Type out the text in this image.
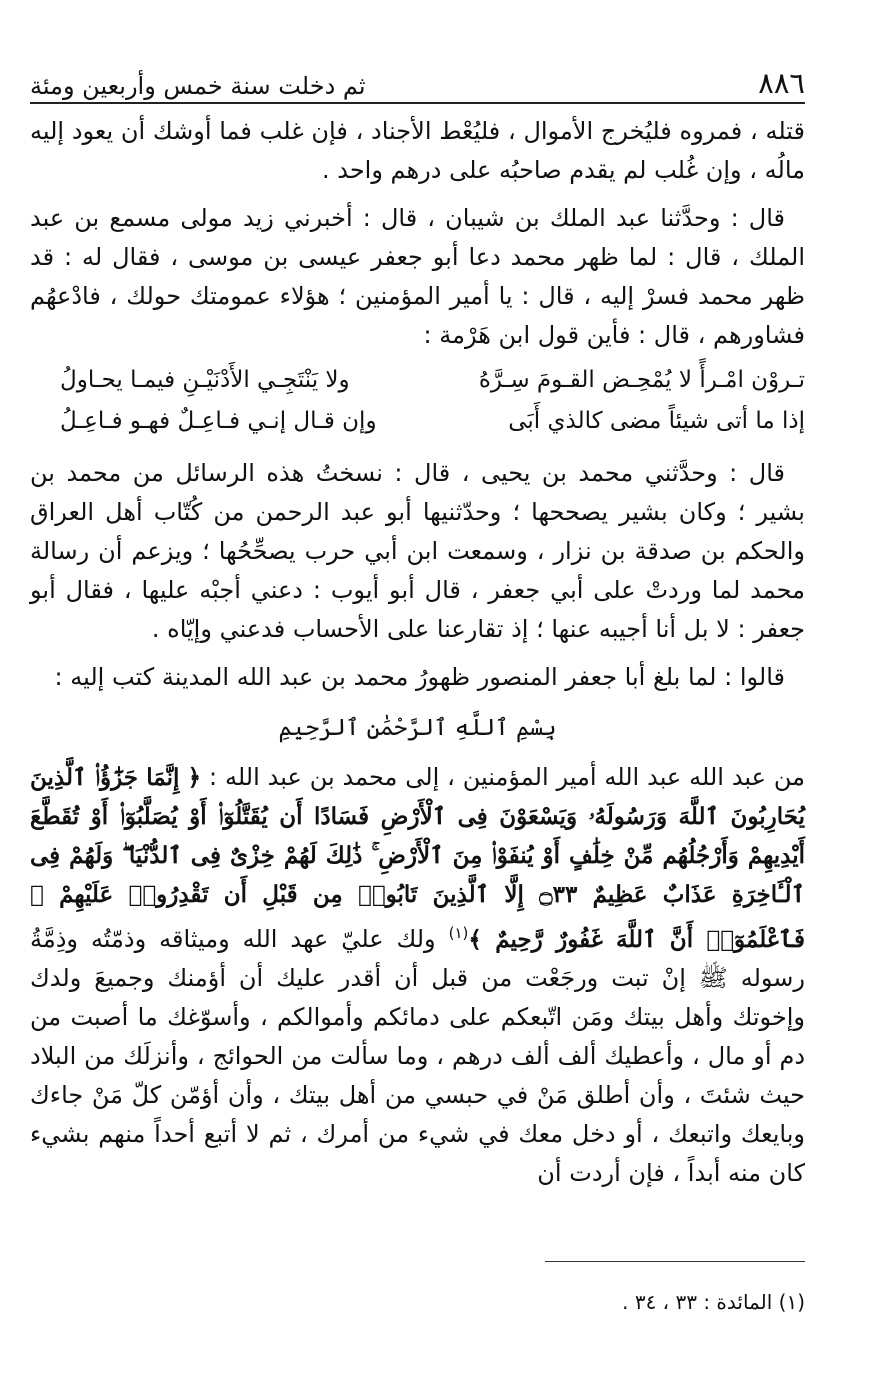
٨٨٦
ثم دخلت سنة خمس وأربعين ومئة

قتله ، فمروه فليُخرج الأموال ، فليُعْط الأجناد ، فإن غلب فما أوشك أن يعود إليه مالُه ، وإن غُلب لم يقدم صاحبُه على درهم واحد .

قال : وحدَّثنا عبد الملك بن شيبان ، قال : أخبرني زيد مولى مسمع بن عبد الملك ، قال : لما ظهر محمد دعا أبو جعفر عيسى بن موسى ، فقال له : قد ظهر محمد فسرْ إليه ، قال : يا أمير المؤمنين ؛ هؤلاء عمومتك حولك ، فادْعهُم فشاورهم ، قال : فأين قول ابن هَرْمة :

تـروْن امْـرأً لا يُمْحِـض القـومَ سِـرَّهُ
ولا يَنْتَجِـي الأَدْنَيْـنِ فيمـا يحـاولُ
إذا ما أتى شيئاً مضى كالذي أَبَى
وإن قـال إنـي فـاعِـلٌ فهـو فـاعِـلُ

قال : وحدَّثني محمد بن يحيى ، قال : نسختُ هذه الرسائل من محمد بن بشير ؛ وكان بشير يصححها ؛ وحدّثنيها أبو عبد الرحمن من كُتّاب أهل العراق والحكم بن صدقة بن نزار ، وسمعت ابن أبي حرب يصحِّحُها ؛ ويزعم أن رسالة محمد لما وردتْ على أبي جعفر ، قال أبو أيوب : دعني أجبْه عليها ، فقال أبو جعفر : لا بل أنا أجيبه عنها ؛ إذ تقارعنا على الأحساب فدعني وإيّاه .

قالوا : لما بلغ أبا جعفر المنصور ظهورُ محمد بن عبد الله المدينة كتب إليه :

بِسْمِ ٱللَّهِ ٱلرَّحْمَٰنِ ٱلرَّحِيمِ

من عبد الله عبد الله أمير المؤمنين ، إلى محمد بن عبد الله : ﴿ إِنَّمَا جَزَٰٓؤُا۟ ٱلَّذِينَ يُحَارِبُونَ ٱللَّهَ وَرَسُولَهُۥ وَيَسْعَوْنَ فِى ٱلْأَرْضِ فَسَادًا أَن يُقَتَّلُوٓا۟ أَوْ يُصَلَّبُوٓا۟ أَوْ تُقَطَّعَ أَيْدِيهِمْ وَأَرْجُلُهُم مِّنْ خِلَٰفٍ أَوْ يُنفَوْا۟ مِنَ ٱلْأَرْضِ ۚ ذَٰلِكَ لَهُمْ خِزْىٌ فِى ٱلدُّنْيَا ۖ وَلَهُمْ فِى ٱلْـَٔاخِرَةِ عَذَابٌ عَظِيمٌ ۝٣٣ إِلَّا ٱلَّذِينَ تَابُوا۟ مِن قَبْلِ أَن تَقْدِرُوا۟ عَلَيْهِمْ ۖ فَٱعْلَمُوٓا۟ أَنَّ ٱللَّهَ غَفُورٌ رَّحِيمٌ ﴾$^{(١)}$ ولك عليّ عهد الله وميثاقه وذمّتُه وذِمَّةُ رسوله ﷺ إنْ تبت ورجَعْت من قبل أن أقدر عليك أن أؤمنك وجميعَ ولدك وإخوتك وأهل بيتك ومَن اتّبعكم على دمائكم وأموالكم ، وأسوّغك ما أصبت من دم أو مال ، وأعطيك ألف ألف درهم ، وما سألت من الحوائج ، وأنزلَك من البلاد حيث شئتَ ، وأن أطلق مَنْ في حبسي من أهل بيتك ، وأن أؤمّن كلّ مَنْ جاءك وبايعك واتبعك ، أو دخل معك في شيء من أمرك ، ثم لا أتبع أحداً منهم بشيء كان منه أبداً ، فإن أردت أن

(١) المائدة : ٣٣ ، ٣٤ .
